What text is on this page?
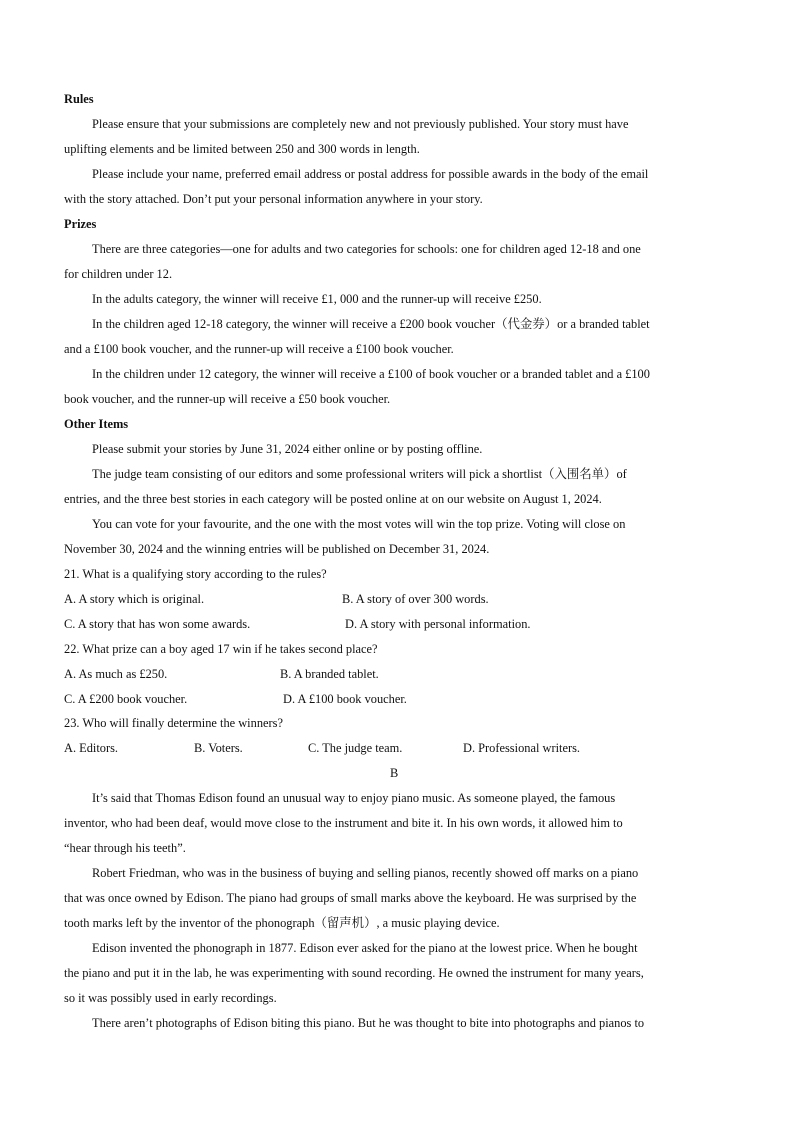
Rules
Please ensure that your submissions are completely new and not previously published. Your story must have
uplifting elements and be limited between 250 and 300 words in length.
Please include your name, preferred email address or postal address for possible awards in the body of the email
with the story attached. Don’t put your personal information anywhere in your story.
Prizes
There are three categories—one for adults and two categories for schools: one for children aged 12-18 and one
for children under 12.
In the adults category, the winner will receive £1, 000 and the runner-up will receive £250.
In the children aged 12-18 category, the winner will receive a £200 book voucher（代金券）or a branded tablet
and a £100 book voucher, and the runner-up will receive a £100 book voucher.
In the children under 12 category, the winner will receive a £100 of book voucher or a branded tablet and a £100
book voucher, and the runner-up will receive a £50 book voucher.
Other Items
Please submit your stories by June 31, 2024 either online or by posting offline.
The judge team consisting of our editors and some professional writers will pick a shortlist（入围名单）of
entries, and the three best stories in each category will be posted online at on our website on August 1, 2024.
You can vote for your favourite, and the one with the most votes will win the top prize. Voting will close on
November 30, 2024 and the winning entries will be published on December 31, 2024.
21. What is a qualifying story according to the rules?
A. A story which is original.	B. A story of over 300 words.
C. A story that has won some awards.	D. A story with personal information.
22. What prize can a boy aged 17 win if he takes second place?
A. As much as £250.	B. A branded tablet.
C. A £200 book voucher.	D. A £100 book voucher.
23. Who will finally determine the winners?
A. Editors.	B. Voters.	C. The judge team.	D. Professional writers.
B
It’s said that Thomas Edison found an unusual way to enjoy piano music. As someone played, the famous
inventor, who had been deaf, would move close to the instrument and bite it. In his own words, it allowed him to
“hear through his teeth”.
Robert Friedman, who was in the business of buying and selling pianos, recently showed off marks on a piano
that was once owned by Edison. The piano had groups of small marks above the keyboard. He was surprised by the
tooth marks left by the inventor of the phonograph（留声机）, a music playing device.
Edison invented the phonograph in 1877. Edison ever asked for the piano at the lowest price. When he bought
the piano and put it in the lab, he was experimenting with sound recording. He owned the instrument for many years,
so it was possibly used in early recordings.
There aren’t photographs of Edison biting this piano. But he was thought to bite into photographs and pianos to
